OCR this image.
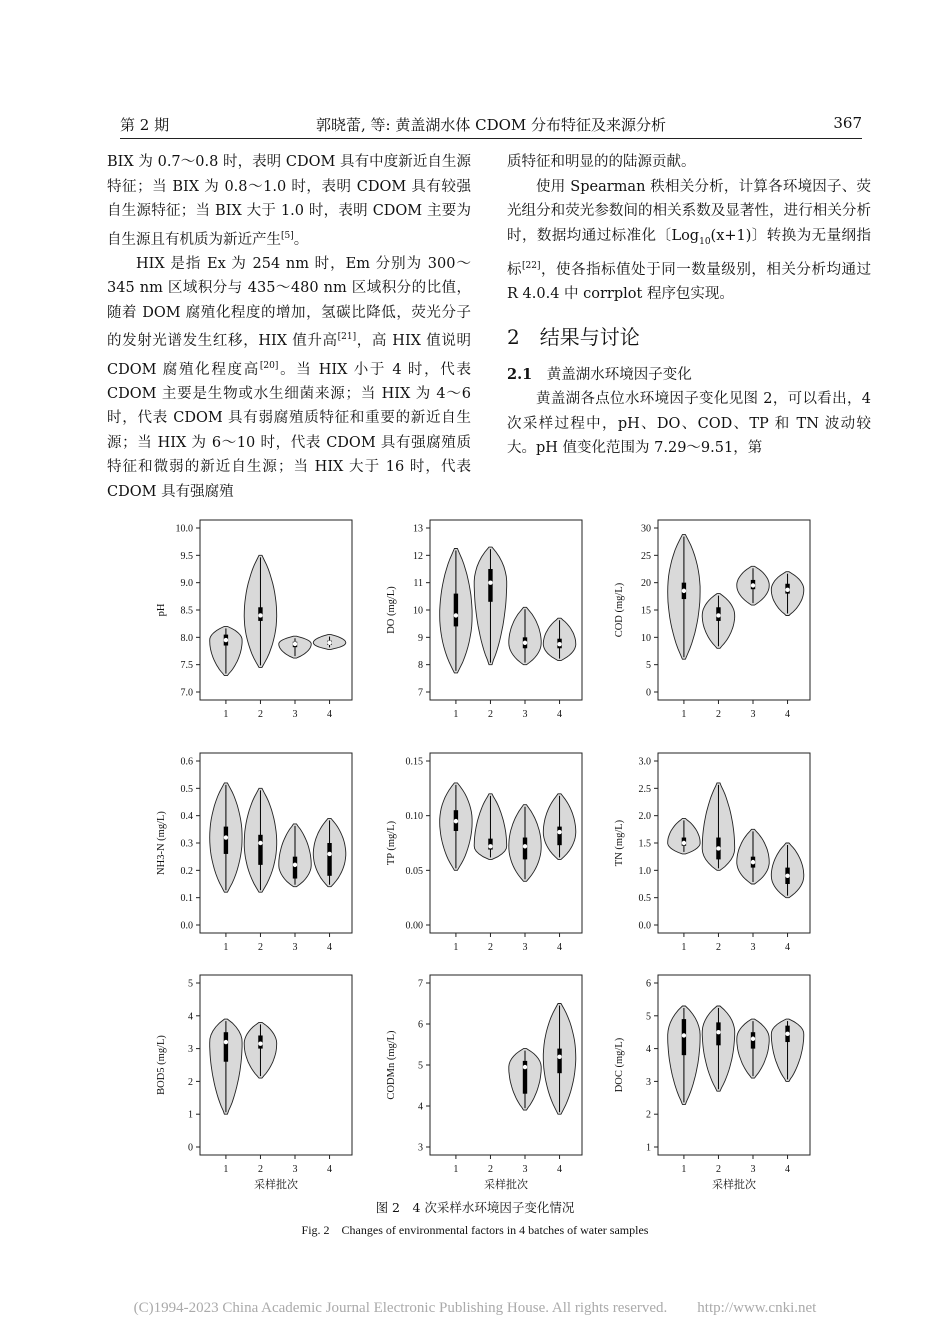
第 2 期	郭晓蕾, 等: 黄盖湖水体 CDOM 分布特征及来源分析	367

BIX 为 0.7～0.8 时，表明 CDOM 具有中度新近自生源特征；当 BIX 为 0.8～1.0 时，表明 CDOM 具有较强自生源特征；当 BIX 大于 1.0 时，表明 CDOM 主要为自生源且有机质为新近产生[5]。

HIX 是指 Ex 为 254 nm 时，Em 分别为 300～345 nm 区域积分与 435～480 nm 区域积分的比值，随着 DOM 腐殖化程度的增加，氢碳比降低，荧光分子的发射光谱发生红移，HIX 值升高[21]，高 HIX 值说明 CDOM 腐殖化程度高[20]。当 HIX 小于 4 时，代表 CDOM 主要是生物或水生细菌来源；当 HIX 为 4～6 时，代表 CDOM 具有弱腐殖质特征和重要的新近自生源；当 HIX 为 6～10 时，代表 CDOM 具有强腐殖质特征和微弱的新近自生源；当 HIX 大于 16 时，代表 CDOM 具有强腐殖

质特征和明显的的陆源贡献。

使用 Spearman 秩相关分析，计算各环境因子、荧光组分和荧光参数间的相关系数及显著性，进行相关分析时，数据均通过标准化〔Log$_{10}$(x+1)〕转换为无量纲指标[22]，使各指标值处于同一数量级别，相关分析均通过 R 4.0.4 中 corrplot 程序包实现。

2　 结果与讨论

2.1　 黄盖湖水环境因子变化

黄盖湖各点位水环境因子变化见图 2，可以看出，4 次采样过程中，pH、DO、COD、TP 和 TN 波动较大。pH 值变化范围为 7.29～9.51，第

7.0
7.5
8.0
8.5
9.0
9.5
10.0
pH
1	2	3	4
7
8
9
10
11
12
13
DO (mg/L)
1	2	3	4
0
5
10
15
20
25
30
COD (mg/L)
1	2	3	4
0.0
0.1
0.2
0.3
0.4
0.5
0.6
NH3-N (mg/L)
1	2	3	4
0.00
0.05
0.10
0.15
TP (mg/L)
1	2	3	4
0.0
0.5
1.0
1.5
2.0
2.5
3.0
TN (mg/L)
1	2	3	4
0
1
2
3
4
5
BOD5 (mg/L)
1	2	3	4
采样批次
3
4
5
6
7
CODMn (mg/L)
1	2	3	4
采样批次
1
2
3
4
5
6
DOC (mg/L)
1	2	3	4
采样批次
图 2　4 次采样水环境因子变化情况
Fig. 2　Changes of environmental factors in 4 batches of water samples
(C)1994-2023 China Academic Journal Electronic Publishing House. All rights reserved.　　http://www.cnki.net
